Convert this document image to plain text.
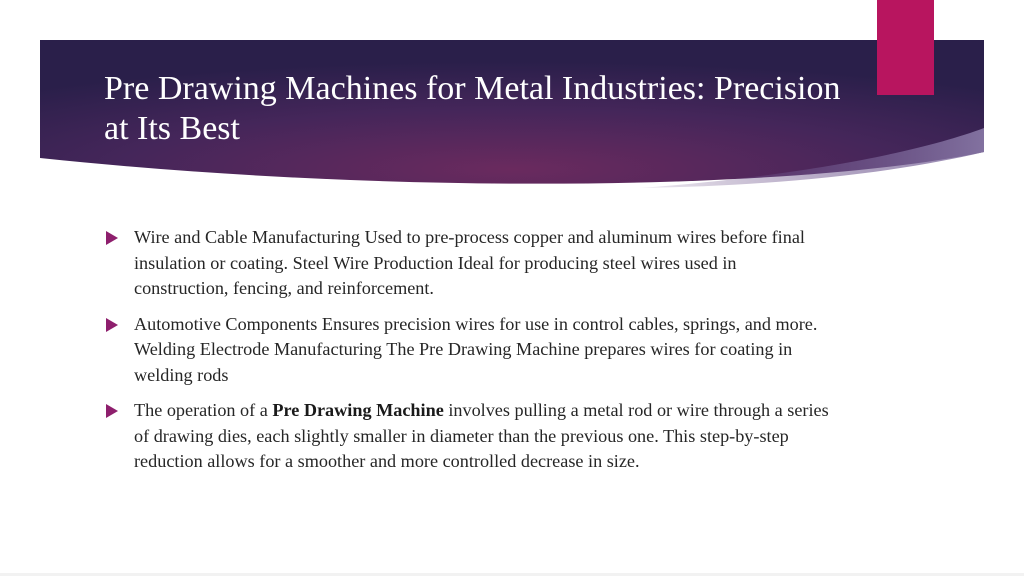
Pre Drawing Machines for Metal Industries: Precision at Its Best
Wire and Cable Manufacturing Used to pre-process copper and aluminum wires before final insulation or coating. Steel Wire Production Ideal for producing steel wires used in construction, fencing, and reinforcement.
Automotive Components Ensures precision wires for use in control cables, springs, and more. Welding Electrode Manufacturing The Pre Drawing Machine prepares wires for coating in welding rods
The operation of a Pre Drawing Machine involves pulling a metal rod or wire through a series of drawing dies, each slightly smaller in diameter than the previous one. This step-by-step reduction allows for a smoother and more controlled decrease in size.
